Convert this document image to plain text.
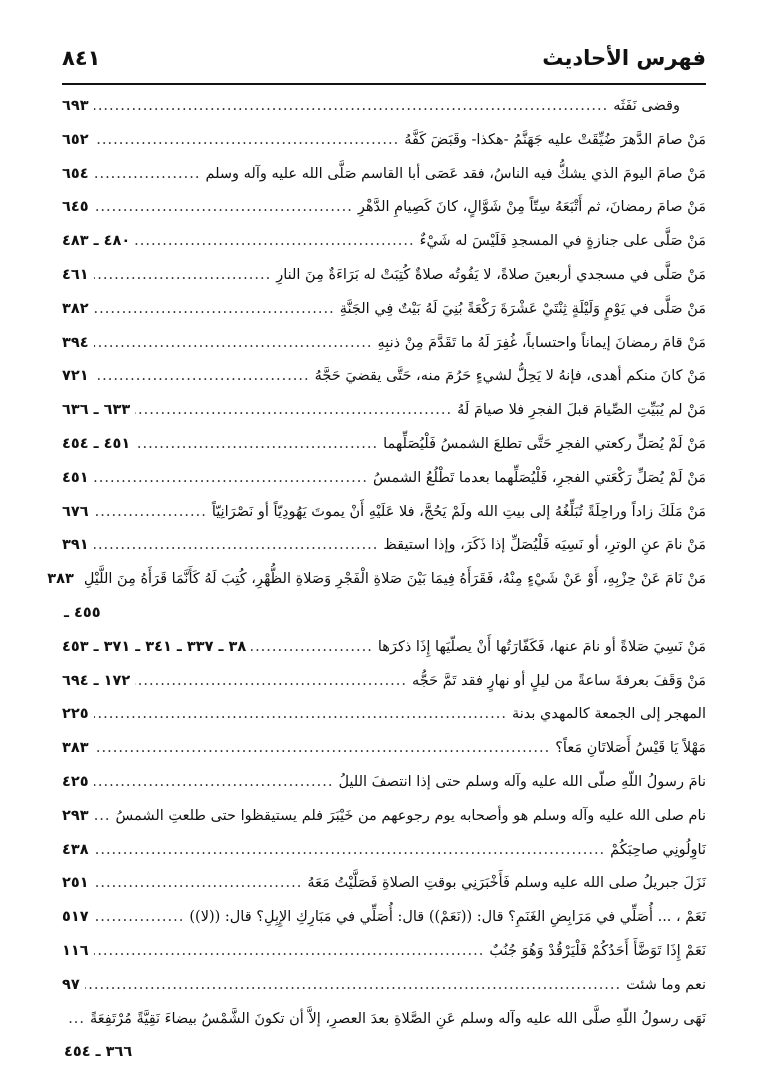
فهرس الأحاديث
٨٤١
وقضى نَفَثَه
.....
٦٩٣
مَنْ صامَ الدَّهرَ ضُيِّقَتْ عليه جَهَنَّمُ -هكذا- وقَبَضَ كَفَّهُ
.....
٦٥٢
مَنْ صامَ اليومَ الذي يشكُّ فيه الناسُ، فقد عَصَى أبا القاسم صَلَّى الله عليه وآله وسلم
.....
٦٥٤
مَنْ صامَ رمضانَ، ثم أَتْبَعَهُ سِتّاً مِنْ شَوَّالٍ، كانَ كَصِيامِ الدَّهْرِ
.....
٦٤٥
مَنْ صَلَّى على جنازةٍ في المسجدِ فَلَيْسَ له شَيْءٌ
.....
٤٨٠ ـ ٤٨٣
مَنْ صَلَّى في مسجدي أربعينَ صلاةً، لا يَفُوتُه صلاةٌ كُتِبَتْ له بَرَاءَةٌ مِنَ النارِ
.....
٤٦١
مَنْ صَلَّى في يَوْمٍ وَلَيْلَةٍ ثِنْتَيْ عَشْرَةَ رَكْعَةً بُنِيَ لَهُ بَيْتٌ فِي الجَنَّةِ
.....
٣٨٢
مَنْ قامَ رمضانَ إيماناً واحتساباً، غُفِرَ لَهُ ما تَقَدَّمَ مِنْ ذنبِهِ
.....
٣٩٤
مَنْ كانَ منكم أهدى، فإنهُ لا يَحِلُّ لشيءٍ حَرُمَ منه، حَتَّى يقضيَ حَجَّهُ
.....
٧٢١
مَنْ لم يُبَيِّتِ الصِّيامَ قبلَ الفجرِ فلا صيامَ لَهُ
.....
٦٣٣ ـ ٦٣٦
مَنْ لَمْ يُصَلِّ ركعتي الفجرِ حَتَّى تطلعَ الشمسُ فَلْيُصَلِّهما
.....
٤٥١ ـ ٤٥٤
مَنْ لَمْ يُصَلِّ رَكْعَتي الفجرِ، فَلْيُصَلِّهما بعدما تَطْلُعُ الشمسُ
.....
٤٥١
مَنْ مَلَكَ زاداً وراحِلَةً تُبَلِّغُهُ إلى بيتِ الله ولَمْ يَحُجَّ، فلا عَلَيْهِ أَنْ يموتَ يَهُودِيّاً أو نَصْرَانِيّاً
.....
٦٧٦
مَنْ نامَ عنِ الوترِ، أو نَسِيَه فَلْيُصَلِّ إذا ذَكَرَ، وإذا استيقظ
.....
٣٩١
مَنْ نَامَ عَنْ حِزْبِهِ، أَوْ عَنْ شَيْءٍ مِنْهُ، فَقَرَأَهُ فِيمَا بَيْنَ صَلاةِ الْفَجْرِ وَصَلاةِ الظُّهْرِ، كُتِبَ لَهُ كَأَنَّمَا قَرَأَهُ مِنَ اللَّيْلِ
٣٨٣
٤٥٥ ـ
مَنْ نَسِيَ صَلاةً أو نامَ عنها، فَكَفّارَتُها أَنْ يصلّيَها إِذَا ذكرَها
.....
٣٨ ـ ٣٣٧ ـ ٣٤١ ـ ٣٧١ ـ ٤٥٣
مَنْ وَقَفَ بعرفةَ ساعةً من ليلٍ أو نهارٍ فقد تَمَّ حَجُّه
.....
١٧٢ ـ ٦٩٤
المهجر إلى الجمعة كالمهدي بدنة
.....
٢٢٥
مَهْلاً يَا قَيْسُ أَصَلاتَانِ مَعاً؟
.....
٣٨٣
نامَ رسولُ اللّهِ صلّى الله عليه وآله وسلم حتى إذا انتصفَ الليلُ
.....
٤٢٥
نام صلى الله عليه وآله وسلم هو وأصحابه يوم رجوعهم من خَيْبَرَ فلم يستيقظوا حتى طلعتِ الشمسُ
.....
٢٩٣
نَاوِلُونِي صاحِبَكُمْ
.....
٤٣٨
نَزَلَ جبريلُ صلى الله عليه وسلم فَأَخْبَرَنِي بوقتِ الصلاةِ فَصَلَّيْتُ مَعَهُ
.....
٢٥١
نَعَمْ ، ... أُصَلِّي في مَرَابِضِ الغَنَمِ؟ قال: ((نَعَمْ)) قال: أُصَلِّي في مَبَارِكِ الإِبِلِ؟ قال: ((لا))
.....
٥١٧
نَعَمْ إِذَا تَوَضَّأَ أَحَدُكُمْ فَلْيَرْقُدْ وَهُوَ جُنُبٌ
.....
١١٦
نعم وما شئت
.....
٩٧
نَهَى رسولُ اللّهِ صلَّى الله عليه وآله وسلم عَنِ الصَّلاةِ بعدَ العصرِ، إلاَّ أن تكونَ الشَّمْسُ بيضاءَ نَقِيَّةً مُرْتَفِعَةً
.....
٣٦٦ ـ ٤٥٤
